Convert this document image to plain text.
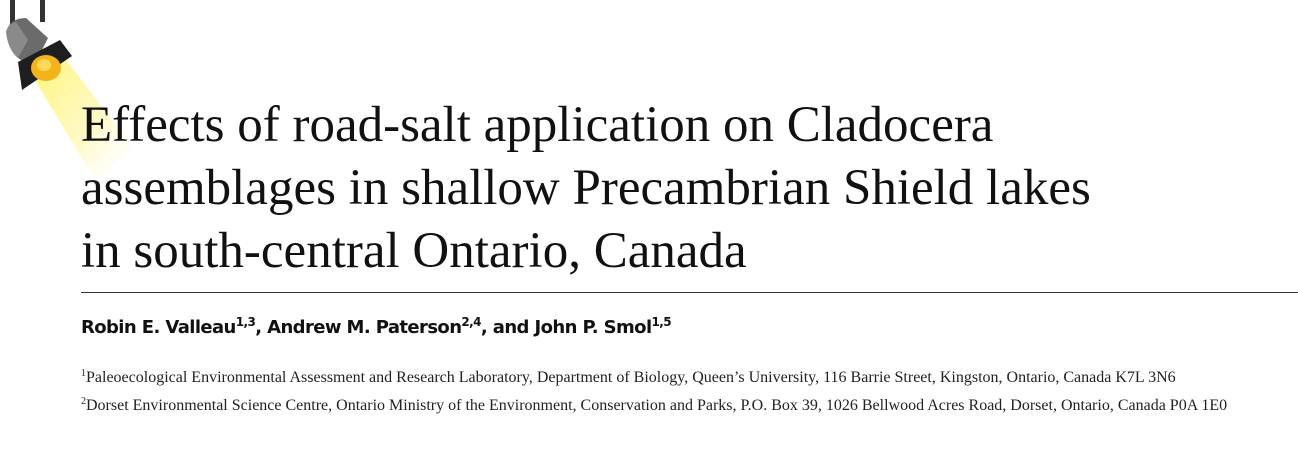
Effects of road-salt application on Cladocera
assemblages in shallow Precambrian Shield lakes
in south-central Ontario, Canada
Robin E. Valleau$^{1,3}$, Andrew M. Paterson$^{2,4}$, and John P. Smol$^{1,5}$

$^1$Paleoecological Environmental Assessment and Research Laboratory, Department of Biology, Queen’s University, 116 Barrie Street, Kingston, Ontario, Canada K7L 3N6

$^2$Dorset Environmental Science Centre, Ontario Ministry of the Environment, Conservation and Parks, P.O. Box 39, 1026 Bellwood Acres Road, Dorset, Ontario, Canada P0A 1E0
